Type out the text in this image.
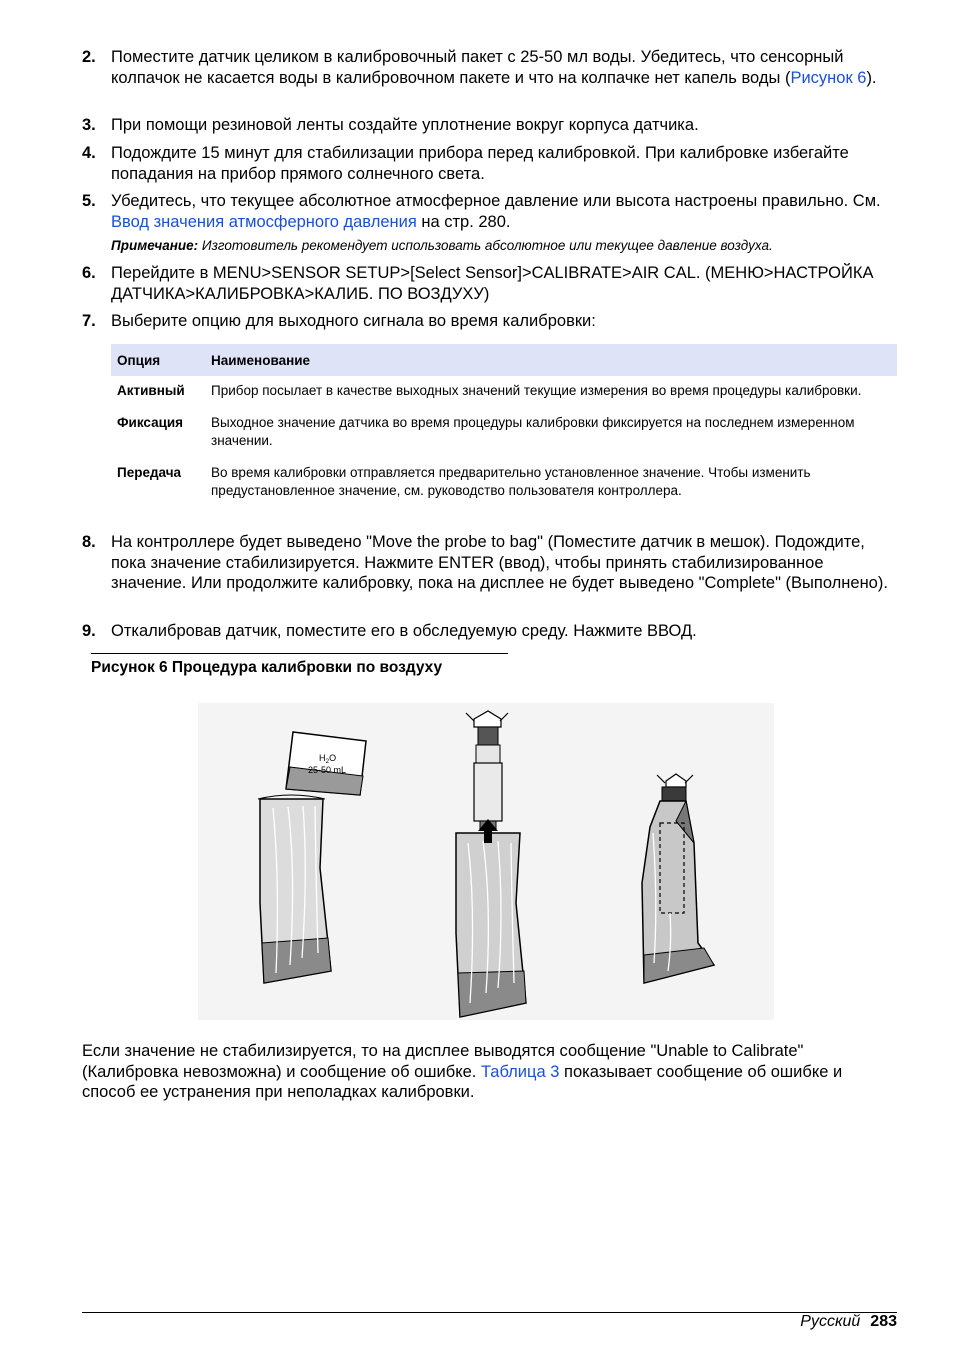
2. Поместите датчик целиком в калибровочный пакет с 25-50 мл воды. Убедитесь, что сенсорный колпачок не касается воды в калибровочном пакете и что на колпачке нет капель воды (Рисунок 6).
3. При помощи резиновой ленты создайте уплотнение вокруг корпуса датчика.
4. Подождите 15 минут для стабилизации прибора перед калибровкой. При калибровке избегайте попадания на прибор прямого солнечного света.
5. Убедитесь, что текущее абсолютное атмосферное давление или высота настроены правильно. См. Ввод значения атмосферного давления на стр. 280.
Примечание: Изготовитель рекомендует использовать абсолютное или текущее давление воздуха.
6. Перейдите в MENU>SENSOR SETUP>[Select Sensor]>CALIBRATE>AIR CAL. (МЕНЮ>НАСТРОЙКА ДАТЧИКА>КАЛИБРОВКА>КАЛИБ. ПО ВОЗДУХУ)
7. Выберите опцию для выходного сигнала во время калибровки:
Опция	Наименование
Активный	Прибор посылает в качестве выходных значений текущие измерения во время процедуры калибровки.
Фиксация	Выходное значение датчика во время процедуры калибровки фиксируется на последнем измеренном значении.
Передача	Во время калибровки отправляется предварительно установленное значение. Чтобы изменить предустановленное значение, см. руководство пользователя контроллера.
8. На контроллере будет выведено "Move the probe to bag" (Поместите датчик в мешок). Подождите, пока значение стабилизируется. Нажмите ENTER (ввод), чтобы принять стабилизированное значение. Или продолжите калибровку, пока на дисплее не будет выведено "Complete" (Выполнено).
9. Откалибровав датчик, поместите его в обследуемую среду. Нажмите ВВОД.
Рисунок 6 Процедура калибровки по воздуху
$H_2O$
25-50 mL
Если значение не стабилизируется, то на дисплее выводятся сообщение "Unable to Calibrate" (Калибровка невозможна) и сообщение об ошибке. Таблица 3 показывает сообщение об ошибке и способ ее устранения при неполадках калибровки.
Русский 283
